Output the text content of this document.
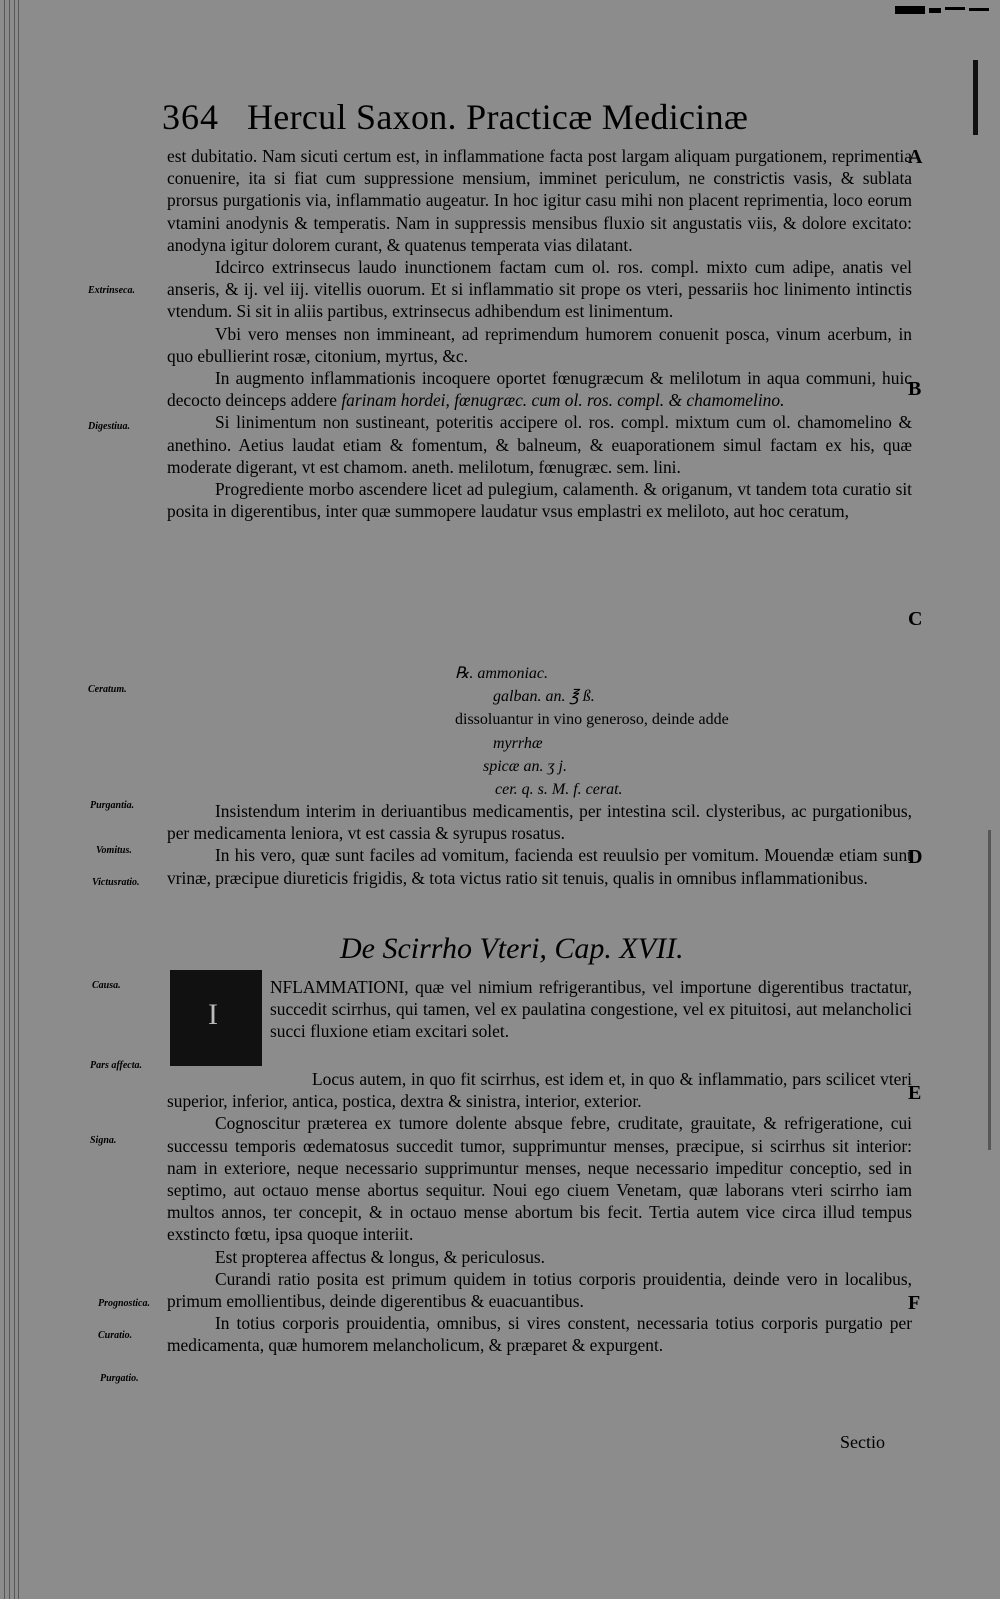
364 Hercul Saxon. Practicæ Medicinæ
A
B
C
D
E
F
Extrinseca.
Digestiua.
Ceratum.
Purgantia.
Vomitus.
Victusratio.
Causa.
Pars affecta.
Signa.
Prognostica.
Curatio.
Purgatio.

est dubitatio. Nam sicuti certum est, in inflammatione facta post largam aliquam purgationem, reprimentia conuenire, ita si fiat cum suppressione mensium, imminet periculum, ne constrictis vasis, & sublata prorsus purgationis via, inflammatio augeatur. In hoc igitur casu mihi non placent reprimentia, loco eorum vtamini anodynis & temperatis. Nam in suppressis mensibus fluxio sit angustatis viis, & dolore excitato: anodyna igitur dolorem curant, & quatenus temperata vias dilatant.

Idcirco extrinsecus laudo inunctionem factam cum ol. ros. compl. mixto cum adipe, anatis vel anseris, & ij. vel iij. vitellis ouorum. Et si inflammatio sit prope os vteri, pessariis hoc linimento intinctis vtendum. Si sit in aliis partibus, extrinsecus adhibendum est linimentum.

Vbi vero menses non immineant, ad reprimendum humorem conuenit posca, vinum acerbum, in quo ebullierint rosæ, citonium, myrtus, &c.

In augmento inflammationis incoquere oportet fœnugræcum & melilotum in aqua communi, huic decocto deinceps addere farinam hordei, fœnugræc. cum ol. ros. compl. & chamomelino.

Si linimentum non sustineant, poteritis accipere ol. ros. compl. mixtum cum ol. chamomelino & anethino. Aetius laudat etiam & fomentum, & balneum, & euaporationem simul factam ex his, quæ moderate digerant, vt est chamom. aneth. melilotum, fœnugræc. sem. lini.

Progrediente morbo ascendere licet ad pulegium, calamenth. & origanum, vt tandem tota curatio sit posita in digerentibus, inter quæ summopere laudatur vsus emplastri ex meliloto, aut hoc ceratum,

℞. ammoniac.
galban. an. ℥ ß.
dissoluantur in vino generoso, deinde adde
myrrhæ
spicæ an. ʒ j.
cer. q. s. M. f. cerat.

Insistendum interim in deriuantibus medicamentis, per intestina scil. clysteribus, ac purgationibus, per medicamenta leniora, vt est cassia & syrupus rosatus.

In his vero, quæ sunt faciles ad vomitum, facienda est reuulsio per vomitum. Mouendæ etiam sunt vrinæ, præcipue diureticis frigidis, & tota victus ratio sit tenuis, qualis in omnibus inflammationibus.

De Scirrho Vteri, Cap. XVII.
I

NFLAMMATIONI, quæ vel nimium refrigerantibus, vel importune digerentibus tractatur, succedit scirrhus, qui tamen, vel ex paulatina congestione, vel ex pituitosi, aut melancholici succi fluxione etiam excitari solet.

Locus autem, in quo fit scirrhus, est idem et, in quo & inflammatio, pars scilicet vteri superior, inferior, antica, postica, dextra & sinistra, interior, exterior.

Cognoscitur præterea ex tumore dolente absque febre, cruditate, grauitate, & refrigeratione, cui successu temporis œdematosus succedit tumor, supprimuntur menses, præcipue, si scirrhus sit interior: nam in exteriore, neque necessario supprimuntur menses, neque necessario impeditur conceptio, sed in septimo, aut octauo mense abortus sequitur. Noui ego ciuem Venetam, quæ laborans vteri scirrho iam multos annos, ter concepit, & in octauo mense abortum bis fecit. Tertia autem vice circa illud tempus exstincto fœtu, ipsa quoque interiit.

Est propterea affectus & longus, & periculosus.

Curandi ratio posita est primum quidem in totius corporis prouidentia, deinde vero in localibus, primum emollientibus, deinde digerentibus & euacuantibus.

In totius corporis prouidentia, omnibus, si vires constent, necessaria totius corporis purgatio per medicamenta, quæ humorem melancholicum, & præparet & expurgent.

Sectio
